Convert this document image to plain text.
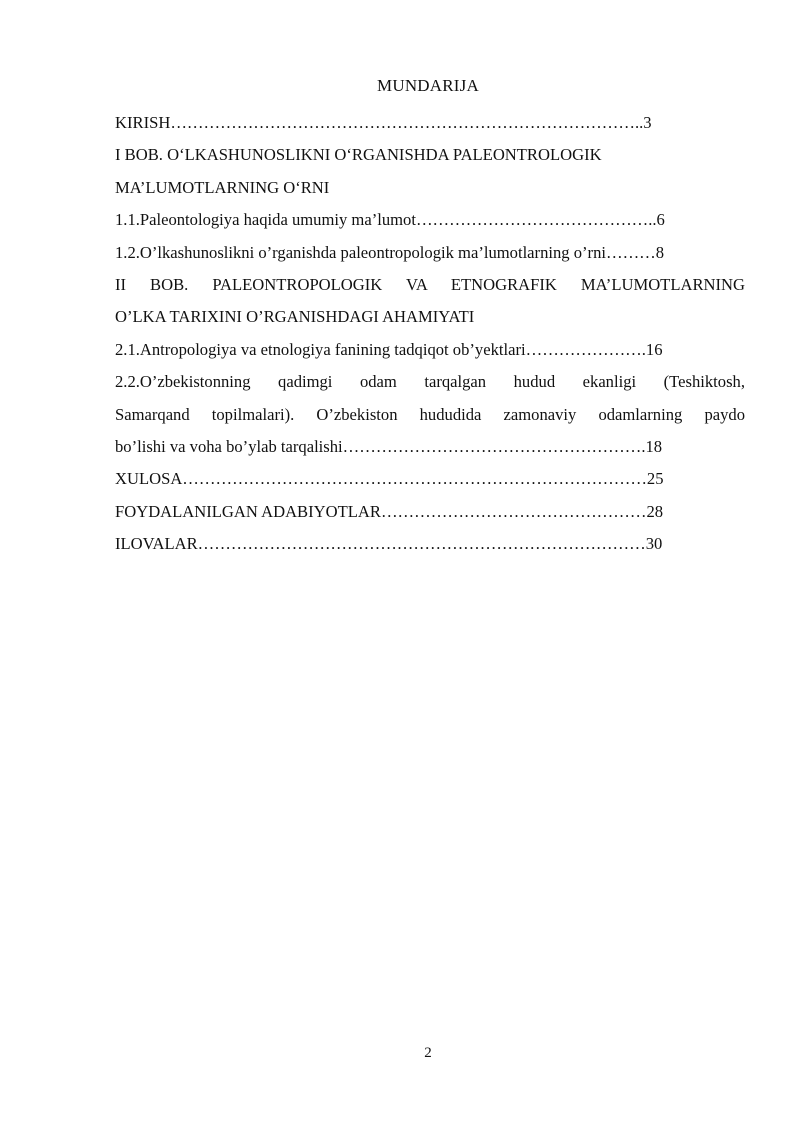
MUNDARIJA
KIRISH…………………………………………………………………………..3
I BOB. O‘LKASHUNOSLIKNI O‘RGANISHDA PALEONTROLOGIK
MA’LUMOTLARNING O‘RNI
1.1.Paleontologiya haqida umumiy ma’lumot……………………………………..6
1.2.O’lkashunoslikni o’rganishda paleontropologik ma’lumotlarning o’rni………8
II BOB. PALEONTROPOLOGIK VA ETNOGRAFIK MA’LUMOTLARNING
O’LKA TARIXINI O’RGANISHDAGI AHAMIYATI
2.1.Antropologiya va etnologiya fanining tadqiqot ob’yektlari………………….16
2.2.O’zbekistonning qadimgi odam tarqalgan hudud ekanligi (Teshiktosh,
Samarqand topilmalari). O’zbekiston hududida zamonaviy odamlarning paydo
bo’lishi va voha bo’ylab tarqalishi……………………………………………….18
XULOSA…………………………………………………………………………25
FOYDALANILGAN ADABIYOTLAR…………………………………………28
ILOVALAR………………………………………………………………………30
2
